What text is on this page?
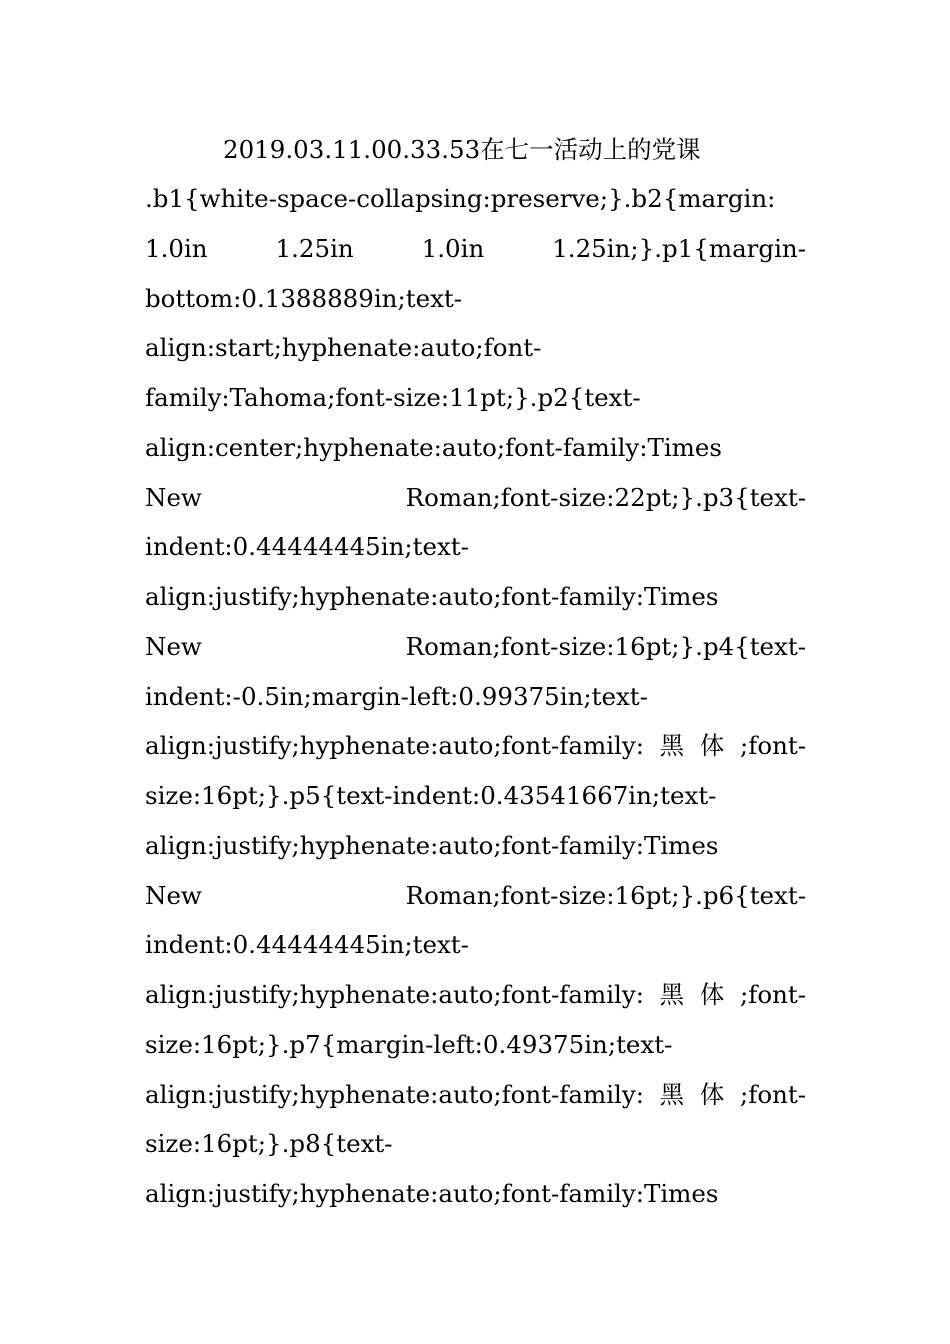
2019.03.11.00.33.53在七一活动上的党课
.b1{white-space-collapsing:preserve;}.b2{margin:
1.0in	1.25in	1.0in	1.25in;}.p1{margin-
bottom:0.1388889in;text-
align:start;hyphenate:auto;font-
family:Tahoma;font-size:11pt;}.p2{text-
align:center;hyphenate:auto;font-family:Times
New	Roman;font-size:22pt;}.p3{text-
indent:0.44444445in;text-
align:justify;hyphenate:auto;font-family:Times
New	Roman;font-size:16pt;}.p4{text-
indent:-0.5in;margin-left:0.99375in;text-
align:justify;hyphenate:auto;font-family: 黑 体 ;font-
size:16pt;}.p5{text-indent:0.43541667in;text-
align:justify;hyphenate:auto;font-family:Times
New	Roman;font-size:16pt;}.p6{text-
indent:0.44444445in;text-
align:justify;hyphenate:auto;font-family: 黑 体 ;font-
size:16pt;}.p7{margin-left:0.49375in;text-
align:justify;hyphenate:auto;font-family: 黑 体 ;font-
size:16pt;}.p8{text-
align:justify;hyphenate:auto;font-family:Times
